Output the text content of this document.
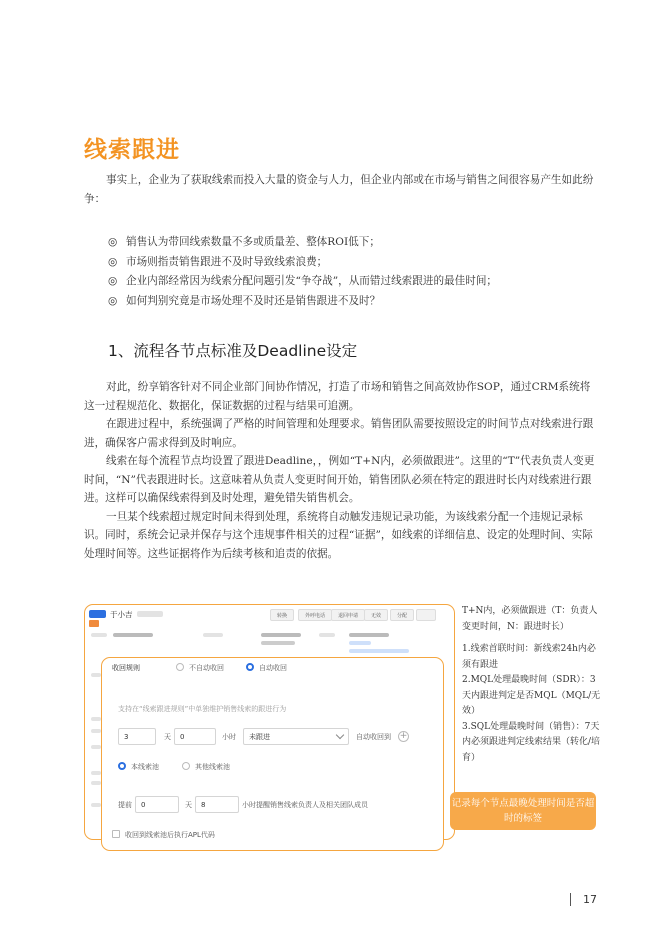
线索跟进

事实上，企业为了获取线索而投入大量的资金与人力，但企业内部或在市场与销售之间很容易产生如此纷争：

◎ 销售认为带回线索数量不多或质量差、整体ROI低下；
◎ 市场则指责销售跟进不及时导致线索浪费；
◎ 企业内部经常因为线索分配问题引发“争夺战”，从而错过线索跟进的最佳时间；
◎ 如何判别究竟是市场处理不及时还是销售跟进不及时？
1、流程各节点标准及Deadline设定

对此，纷享销客针对不同企业部门间协作情况，打造了市场和销售之间高效协作SOP，通过CRM系统将这一过程规范化、数据化，保证数据的过程与结果可追溯。

在跟进过程中，系统强调了严格的时间管理和处理要求。销售团队需要按照设定的时间节点对线索进行跟进，确保客户需求得到及时响应。

线索在每个流程节点均设置了跟进Deadline，，例如“T+N内，必须做跟进”。这里的“T”代表负责人变更时间，“N”代表跟进时长。这意味着从负责人变更时间开始，销售团队必须在特定的跟进时长内对线索进行跟进。这样可以确保线索得到及时处理，避免错失销售机会。

一旦某个线索超过规定时间未得到处理，系统将自动触发违规记录功能，为该线索分配一个违规记录标识。同时，系统会记录并保存与这个违规事件相关的过程“证据”，如线索的详细信息、设定的处理时间、实际处理时间等。这些证据将作为后续考核和追责的依据。

于小吉	转换	外呼电话	退回申请	无效	分配
收回规则	不自动收回	自动收回
支持在“线索跟进规则”中单独维护销售线索的跟进行为
3	天	0	小时	未跟进	自动收回到 +
本线索池	其他线索池
提前	0	天	8	小时提醒销售线索负责人及相关团队成员
收回到线索池后执行APL代码

T+N内，必须做跟进（T：负责人变更时间，N：跟进时长）

1.线索首联时间：新线索24h内必须有跟进
2.MQL处理最晚时间（SDR）：3天内跟进判定是否MQL（MQL/无效）
3.SQL处理最晚时间（销售）：7天内必须跟进判定线索结果（转化/培育）
记录每个节点最晚处理时间是否超时的标签
17
